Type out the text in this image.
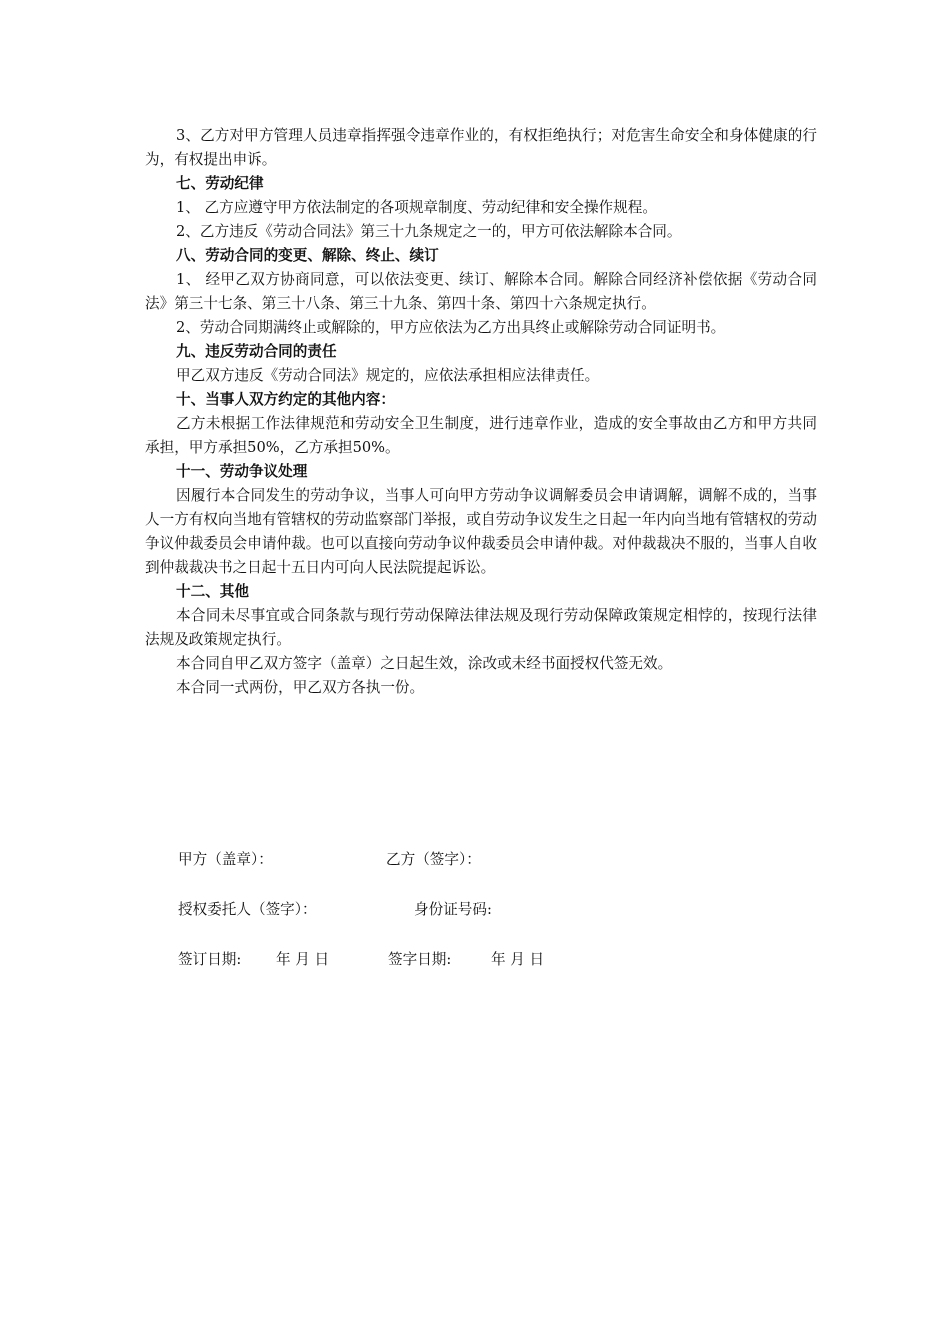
3、乙方对甲方管理人员违章指挥强令违章作业的，有权拒绝执行；对危害生命安全和身体健康的行为，有权提出申诉。

七、劳动纪律

1、 乙方应遵守甲方依法制定的各项规章制度、劳动纪律和安全操作规程。

2、乙方违反《劳动合同法》第三十九条规定之一的，甲方可依法解除本合同。

八、劳动合同的变更、解除、终止、续订

1、 经甲乙双方协商同意，可以依法变更、续订、解除本合同。解除合同经济补偿依据《劳动合同法》第三十七条、第三十八条、第三十九条、第四十条、第四十六条规定执行。

2、劳动合同期满终止或解除的，甲方应依法为乙方出具终止或解除劳动合同证明书。

九、违反劳动合同的责任

甲乙双方违反《劳动合同法》规定的，应依法承担相应法律责任。

十、当事人双方约定的其他内容：

乙方未根据工作法律规范和劳动安全卫生制度，进行违章作业，造成的安全事故由乙方和甲方共同承担，甲方承担50%，乙方承担50%。

十一、劳动争议处理

因履行本合同发生的劳动争议，当事人可向甲方劳动争议调解委员会申请调解，调解不成的，当事人一方有权向当地有管辖权的劳动监察部门举报，或自劳动争议发生之日起一年内向当地有管辖权的劳动争议仲裁委员会申请仲裁。也可以直接向劳动争议仲裁委员会申请仲裁。对仲裁裁决不服的，当事人自收到仲裁裁决书之日起十五日内可向人民法院提起诉讼。

十二、其他

本合同未尽事宜或合同条款与现行劳动保障法律法规及现行劳动保障政策规定相悖的，按现行法律法规及政策规定执行。

本合同自甲乙双方签字（盖章）之日起生效，涂改或未经书面授权代签无效。

本合同一式两份，甲乙双方各执一份。

甲方（盖章）：	乙方（签字）：
授权委托人（签字）：	身份证号码:
签订日期: 年 月 日	签字日期:	年 月 日
